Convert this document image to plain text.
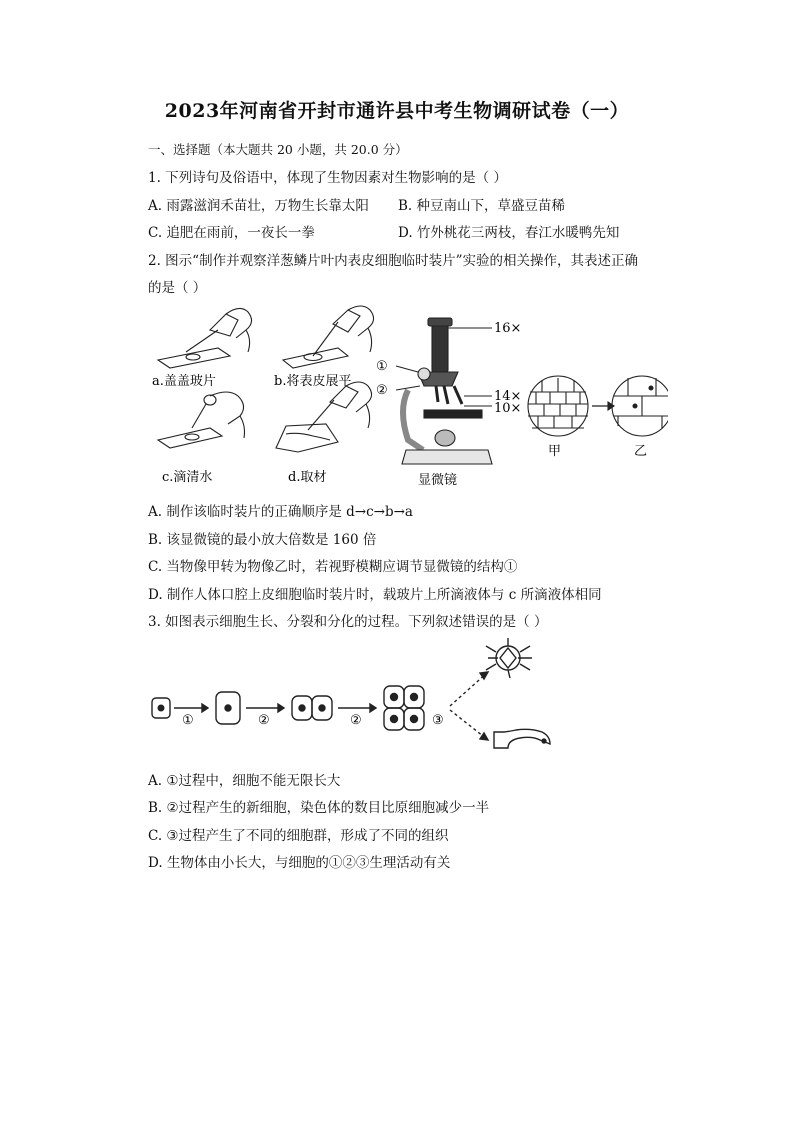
2023年河南省开封市通许县中考生物调研试卷（一）
一、选择题（本大题共 20 小题，共 20.0 分）
1. 下列诗句及俗语中，体现了生物因素对生物影响的是（ ）
A. 雨露滋润禾苗壮，万物生长靠太阳 B. 种豆南山下，草盛豆苗稀
C. 追肥在雨前，一夜长一拳	D. 竹外桃花三两枝，春江水暖鸭先知
2. 图示“制作并观察洋葱鳞片叶内表皮细胞临时装片”实验的相关操作，其表述正确
的是（ ）
a.盖盖玻片	b.将表皮展平
c.滴清水	d.取材
16×
14×
10×
①
②
显微镜
甲	乙
A. 制作该临时装片的正确顺序是 d→c→b→a
B. 该显微镜的最小放大倍数是 160 倍
C. 当物像甲转为物像乙时，若视野模糊应调节显微镜的结构①
D. 制作人体口腔上皮细胞临时装片时，载玻片上所滴液体与 c 所滴液体相同
3. 如图表示细胞生长、分裂和分化的过程。下列叙述错误的是（ ）
①	②	②	③
A. ①过程中，细胞不能无限长大
B. ②过程产生的新细胞，染色体的数目比原细胞减少一半
C. ③过程产生了不同的细胞群，形成了不同的组织
D. 生物体由小长大，与细胞的①②③生理活动有关
